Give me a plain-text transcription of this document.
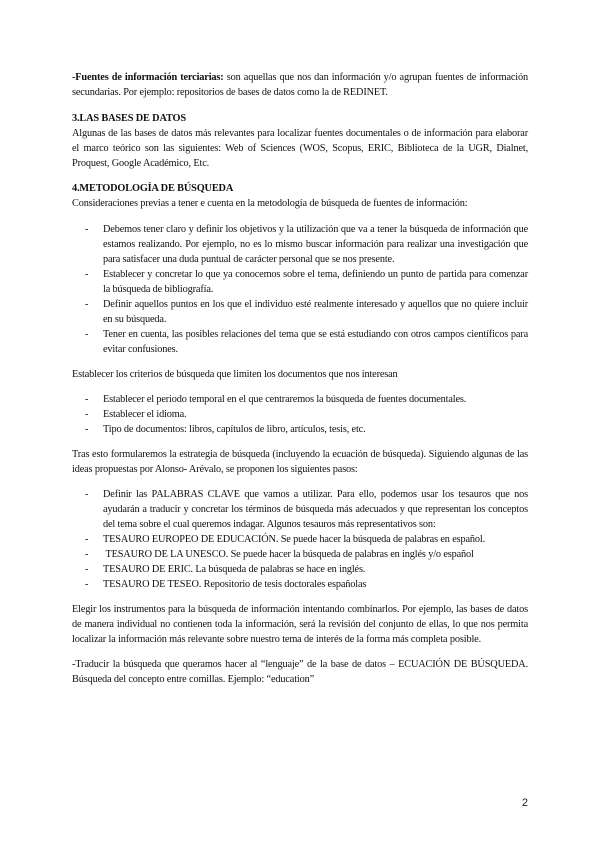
-Fuentes de información terciarias: son aquellas que nos dan información y/o agrupan fuentes de información secundarias. Por ejemplo: repositorios de bases de datos como la de REDINET.

3.LAS BASES DE DATOS

Algunas de las bases de datos más relevantes para localizar fuentes documentales o de información para elaborar el marco teórico son las siguientes: Web of Sciences (WOS, Scopus, ERIC, Biblioteca de la UGR, Dialnet, Proquest, Google Académico, Etc.

4.METODOLOGÍA DE BÚSQUEDA

Consideraciones previas a tener e cuenta en la metodología de búsqueda de fuentes de información:

- Debemos tener claro y definir los objetivos y la utilización que va a tener la búsqueda de información que estamos realizando. Por ejemplo, no es lo mismo buscar información para realizar una investigación que para satisfacer una duda puntual de carácter personal que se nos presente.
- Establecer y concretar lo que ya conocemos sobre el tema, definiendo un punto de partida para comenzar la búsqueda de bibliografía.
- Definir aquellos puntos en los que el individuo esté realmente interesado y aquellos que no quiere incluir en su búsqueda.
- Tener en cuenta, las posibles relaciones del tema que se está estudiando con otros campos científicos para evitar confusiones.

Establecer los criterios de búsqueda que limiten los documentos que nos interesan

- Establecer el periodo temporal en el que centraremos la búsqueda de fuentes documentales.
- Establecer el idioma.
- Tipo de documentos: libros, capítulos de libro, artículos, tesis, etc.

Tras esto formularemos la estrategia de búsqueda (incluyendo la ecuación de búsqueda). Siguiendo algunas de las ideas propuestas por Alonso- Arévalo, se proponen los siguientes pasos:

- Definir las PALABRAS CLAVE que vamos a utilizar. Para ello, podemos usar los tesauros que nos ayudarán a traducir y concretar los términos de búsqueda más adecuados y que representan los conceptos del tema sobre el cual queremos indagar. Algunos tesauros más representativos son:
- TESAURO EUROPEO DE EDUCACIÓN. Se puede hacer la búsqueda de palabras en español.
-  TESAURO DE LA UNESCO. Se puede hacer la búsqueda de palabras en inglés y/o español
- TESAURO DE ERIC. La búsqueda de palabras se hace en inglés.
- TESAURO DE TESEO. Repositorio de tesis doctorales españolas

Elegir los instrumentos para la búsqueda de información intentando combinarlos. Por ejemplo, las bases de datos de manera individual no contienen toda la información, será la revisión del conjunto de ellas, lo que nos permita localizar la información más relevante sobre nuestro tema de interés de la forma más completa posible.

-Traducir la búsqueda que queramos hacer al “lenguaje” de la base de datos – ECUACIÓN DE BÚSQUEDA. Búsqueda del concepto entre comillas. Ejemplo: “education”

2
